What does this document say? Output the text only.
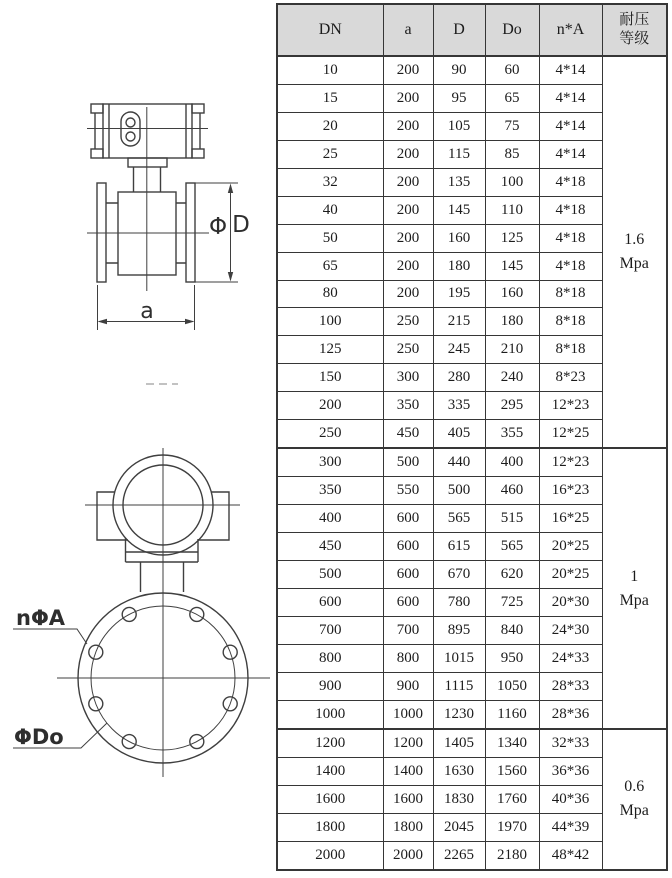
Φ D
a
nΦA
ΦDo
DN	a	D	Do	n*A	耐压
等级

10	200	90	60	4*14	1.6
Mpa

15	200	95	65	4*14	
20	200	105	75	4*14	
25	200	115	85	4*14	
32	200	135	100	4*18	
40	200	145	110	4*18	
50	200	160	125	4*18	
65	200	180	145	4*18	
80	200	195	160	8*18	
100	250	215	180	8*18	
125	250	245	210	8*18	
150	300	280	240	8*23	
200	350	335	295	12*23	
250	450	405	355	12*25	
300	500	440	400	12*23	1
Mpa

350	550	500	460	16*23	
400	600	565	515	16*25	
450	600	615	565	20*25	
500	600	670	620	20*25	
600	600	780	725	20*30	
700	700	895	840	24*30	
800	800	1015	950	24*33	
900	900	1115	1050	28*33	
1000	1000	1230	1160	28*36	
1200	1200	1405	1340	32*33	0.6
Mpa

1400	1400	1630	1560	36*36	
1600	1600	1830	1760	40*36	
1800	1800	2045	1970	44*39	
2000	2000	2265	2180	48*42	
